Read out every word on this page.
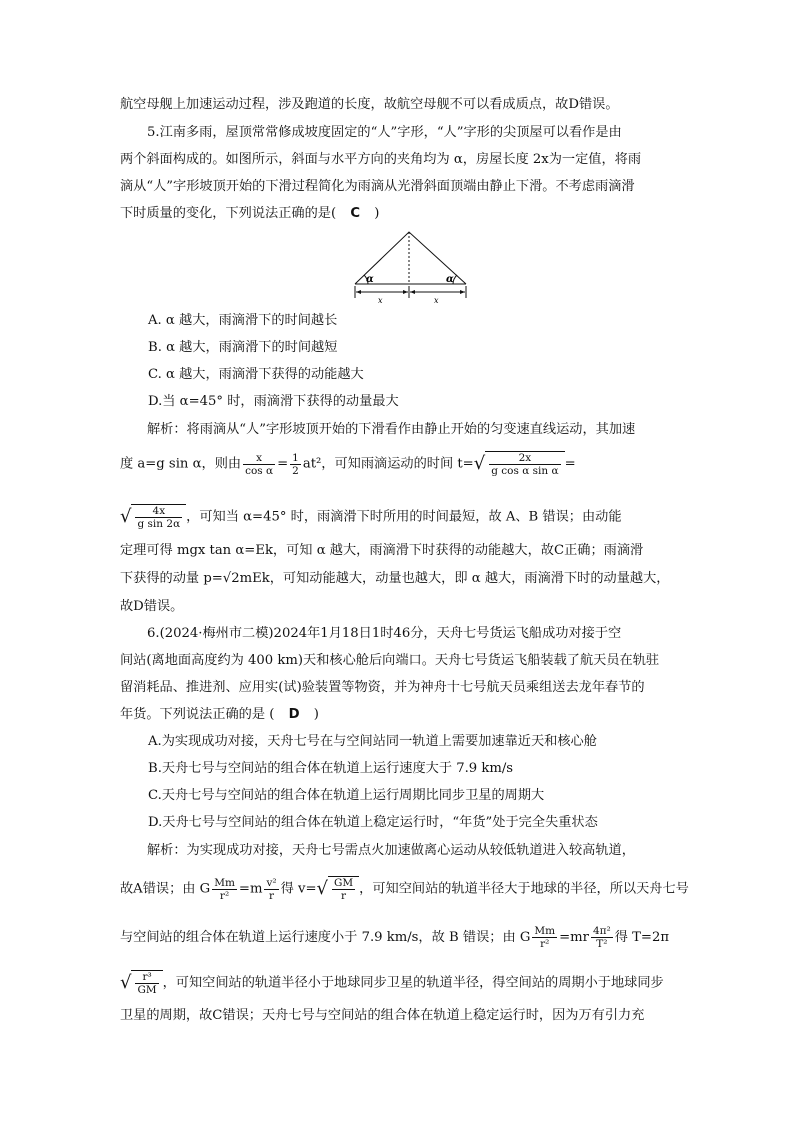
航空母舰上加速运动过程，涉及跑道的长度，故航空母舰不可以看成质点，故D错误。
5.江南多雨，屋顶常常修成坡度固定的“人”字形，“人”字形的尖顶屋可以看作是由
两个斜面构成的。如图所示，斜面与水平方向的夹角均为 α，房屋长度 2x为一定值，将雨
滴从“人”字形坡顶开始的下滑过程简化为雨滴从光滑斜面顶端由静止下滑。不考虑雨滴滑
下时质量的变化，下列说法正确的是( C )
α	α
x	x
A. α 越大，雨滴滑下的时间越长
B. α 越大，雨滴滑下的时间越短
C. α 越大，雨滴滑下获得的动能越大
D.当 α=45° 时，雨滴滑下获得的动量最大
解析：将雨滴从“人”字形坡顶开始的下滑看作由静止开始的匀变速直线运动，其加速
度 a=g sin α，则由 $\frac{x}{\text{cos α}} = \frac{1}{2} at^2$，可知雨滴运动的时间 $t=√ \frac{2x}{\text{g cos α sin α}}$ =
√ $\frac{4x}{\text{g sin 2α}}$ ，可知当 α=45° 时，雨滴滑下时所用的时间最短，故 A、B 错误；由动能
定理可得 mgx tan α=Ek，可知 α 越大，雨滴滑下时获得的动能越大，故C正确；雨滴滑
下获得的动量 p=√2mEk，可知动能越大，动量也越大，即 α 越大，雨滴滑下时的动量越大，
故D错误。
6.(2024·梅州市二模)2024年1月18日1时46分，天舟七号货运飞船成功对接于空
间站(离地面高度约为 400 km)天和核心舱后向端口。天舟七号货运飞船装载了航天员在轨驻
留消耗品、推进剂、应用实(试)验装置等物资，并为神舟十七号航天员乘组送去龙年春节的
年货。下列说法正确的是 ( D )
A.为实现成功对接，天舟七号在与空间站同一轨道上需要加速靠近天和核心舱
B.天舟七号与空间站的组合体在轨道上运行速度大于 7.9 km/s
C.天舟七号与空间站的组合体在轨道上运行周期比同步卫星的周期大
D.天舟七号与空间站的组合体在轨道上稳定运行时，“年货”处于完全失重状态
解析：为实现成功对接，天舟七号需点火加速做离心运动从较低轨道进入较高轨道，
故A错误；由 G $\frac{Mm}{\text{r²}} =m \frac{\text{v²}}{r}$ 得 $v=√ \frac{GM}{r}$ ，可知空间站的轨道半径大于地球的半径，所以天舟七号
与空间站的组合体在轨道上运行速度小于 7.9 km/s，故 B 错误；由 G $\frac{Mm}{\text{r²}} =mr \frac{\text{4π²}}{\text{T²}}$ 得 T=2π
√ $\frac{\text{r³}}{GM}$ ，可知空间站的轨道半径小于地球同步卫星的轨道半径，得空间站的周期小于地球同步
卫星的周期，故C错误；天舟七号与空间站的组合体在轨道上稳定运行时，因为万有引力充
